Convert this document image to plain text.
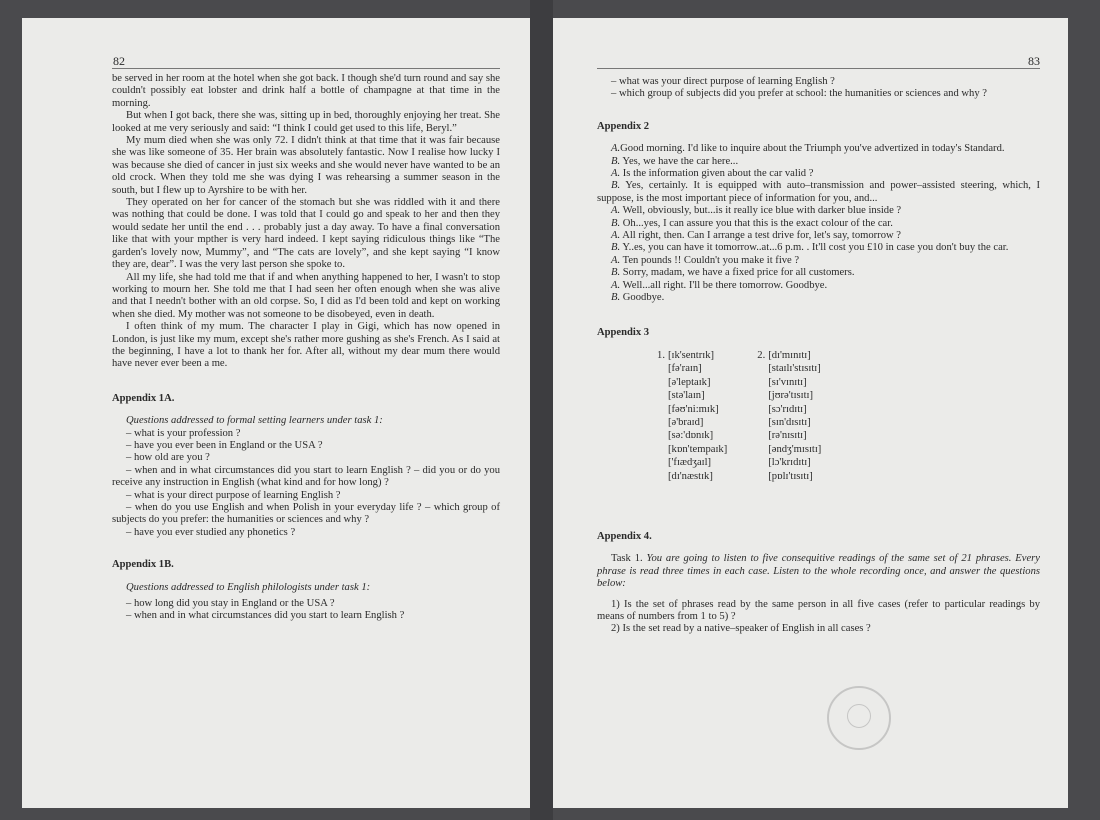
82

be served in her room at the hotel when she got back. I though she'd turn round and say she couldn't possibly eat lobster and drink half a bottle of champagne at that time in the morning.

But when I got back, there she was, sitting up in bed, thoroughly enjoying her treat. She looked at me very seriously and said: “I think I could get used to this life, Beryl.”

My mum died when she was only 72. I didn't think at that time that it was fair because she was like someone of 35. Her brain was absolutely fantastic. Now I realise how lucky I was because she died of cancer in just six weeks and she would never have wanted to be an old crock. When they told me she was dying I was rehearsing a summer season in the south, but I flew up to Ayrshire to be with her.

They operated on her for cancer of the stomach but she was riddled with it and there was nothing that could be done. I was told that I could go and speak to her and then they would sedate her until the end . . . probably just a day away. To have a final conversation like that with your mpther is very hard indeed. I kept saying ridiculous things like “The garden's lovely now, Mummy”, and “The cats are lovely”, and she kept saying “I know they are, dear”. I was the very last person she spoke to.

All my life, she had told me that if and when anything happened to her, I wasn't to stop working to mourn her. She told me that I had seen her often enough when she was alive and that I needn't bother with an old corpse. So, I did as I'd been told and kept on working when she died. My mother was not someone to be disobeyed, even in death.

I often think of my mum. The character I play in Gigi, which has now opened in London, is just like my mum, except she's rather more gushing as she's French. As I said at the beginning, I have a lot to thank her for. After all, without my dear mum there would have never ever been a me.

Appendix 1A.

Questions addressed to formal setting learners under task 1:

– what is your profession ?

– have you ever been in England or the USA ?

– how old are you ?

– when and in what circumstances did you start to learn English ? – did you or do you receive any instruction in English (what kind and for how long) ?

– what is your direct purpose of learning English ?

– when do you use English and when Polish in your everyday life ? – which group of subjects do you prefer: the humanities or sciences and why ?

– have you ever studied any phonetics ?

Appendix 1B.

Questions addressed to English philologists under task 1:

– how long did you stay in England or the USA ?

– when and in what circumstances did you start to learn English ?

83

– what was your direct purpose of learning English ?

– which group of subjects did you prefer at school: the humanities or sciences and why ?

Appendix 2

A.Good morning. I'd like to inquire about the Triumph you've advertized in today's Standard.

B. Yes, we have the car here...

A. Is the information given about the car valid ?

B. Yes, certainly. It is equipped with auto–transmission and power–assisted steering, which, I suppose, is the most important piece of information for you, and...

A. Well, obviously, but...is it really ice blue with darker blue inside ?

B. Oh...yes, I can assure you that this is the exact colour of the car.

A. All right, then. Can I arrange a test drive for, let's say, tomorrow ?

B. Y..es, you can have it tomorrow..at...6 p.m. . It'll cost you £10 in case you don't buy the car.

A. Ten pounds !! Couldn't you make it five ?

B. Sorry, madam, we have a fixed price for all customers.

A. Well...all right. I'll be there tomorrow. Goodbye.

B. Goodbye.

Appendix 3
1. [ɪk'sentrɪk]
[fə'raɪn]
[ə'leptaɪk]
[stə'laɪn]
[fəʊ'ni:mɪk]
[ə'braɪd]
[sə:'dɒnɪk]
[kɒn'tempaɪk]
['fɪædʒaɪl]
[dɪ'næstɪk]
2. [dɪ'mɪnɪtɪ]
[staɪlɪ'stɪsɪtɪ]
[sɪ'vɪnɪtɪ]
[jʊrə'tɪsɪtɪ]
[sɔ'rɪdɪtɪ]
[sɪn'dɪsɪtɪ]
[rə'nɪsɪtɪ]
[əndʒ'mɪsɪtɪ]
[lɔ'krɪdɪtɪ]
[pɒlɪ'tɪsɪtɪ]
Appendix 4.

Task 1. You are going to listen to five consequitive readings of the same set of 21 phrases. Every phrase is read three times in each case. Listen to the whole recording once, and answer the questions below:

1) Is the set of phrases read by the same person in all five cases (refer to particular readings by means of numbers from 1 to 5) ?

2) Is the set read by a native–speaker of English in all cases ?
